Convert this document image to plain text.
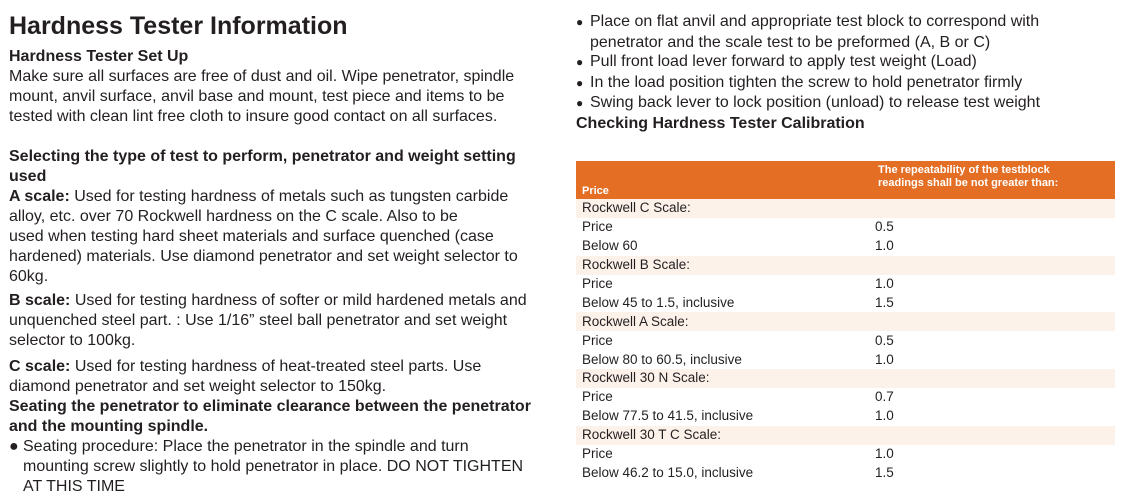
Hardness Tester Information
Hardness Tester Set Up
Make sure all surfaces are free of dust and oil. Wipe penetrator, spindle
mount, anvil surface, anvil base and mount, test piece and items to be
tested with clean lint free cloth to insure good contact on all surfaces.
Selecting the type of test to perform, penetrator and weight setting
used
A scale: Used for testing hardness of metals such as tungsten carbide
alloy, etc. over 70 Rockwell hardness on the C scale. Also to be
used when testing hard sheet materials and surface quenched (case
hardened) materials. Use diamond penetrator and set weight selector to
60kg.
B scale: Used for testing hardness of softer or mild hardened metals and
unquenched steel part. : Use 1/16” steel ball penetrator and set weight
selector to 100kg.
C scale: Used for testing hardness of heat-treated steel parts. Use
diamond penetrator and set weight selector to 150kg.
Seating the penetrator to eliminate clearance between the penetrator
and the mounting spindle.
● Seating procedure: Place the penetrator in the spindle and turn
mounting screw slightly to hold penetrator in place. DO NOT TIGHTEN
AT THIS TIME
● Place on flat anvil and appropriate test block to correspond with
penetrator and the scale test to be preformed (A, B or C)
● Pull front load lever forward to apply test weight (Load)
● In the load position tighten the screw to hold penetrator firmly
● Swing back lever to lock position (unload) to release test weight
Checking Hardness Tester Calibration
Price	The repeatability of the testblock
readings shall be not greater than:

Rockwell C Scale:	
Price	0.5
Below 60	1.0
Rockwell B Scale:	
Price	1.0
Below 45 to 1.5, inclusive	1.5
Rockwell A Scale:	
Price	0.5
Below 80 to 60.5, inclusive	1.0
Rockwell 30 N Scale:	
Price	0.7
Below 77.5 to 41.5, inclusive	1.0
Rockwell 30 T C Scale:	
Price	1.0
Below 46.2 to 15.0, inclusive	1.5
